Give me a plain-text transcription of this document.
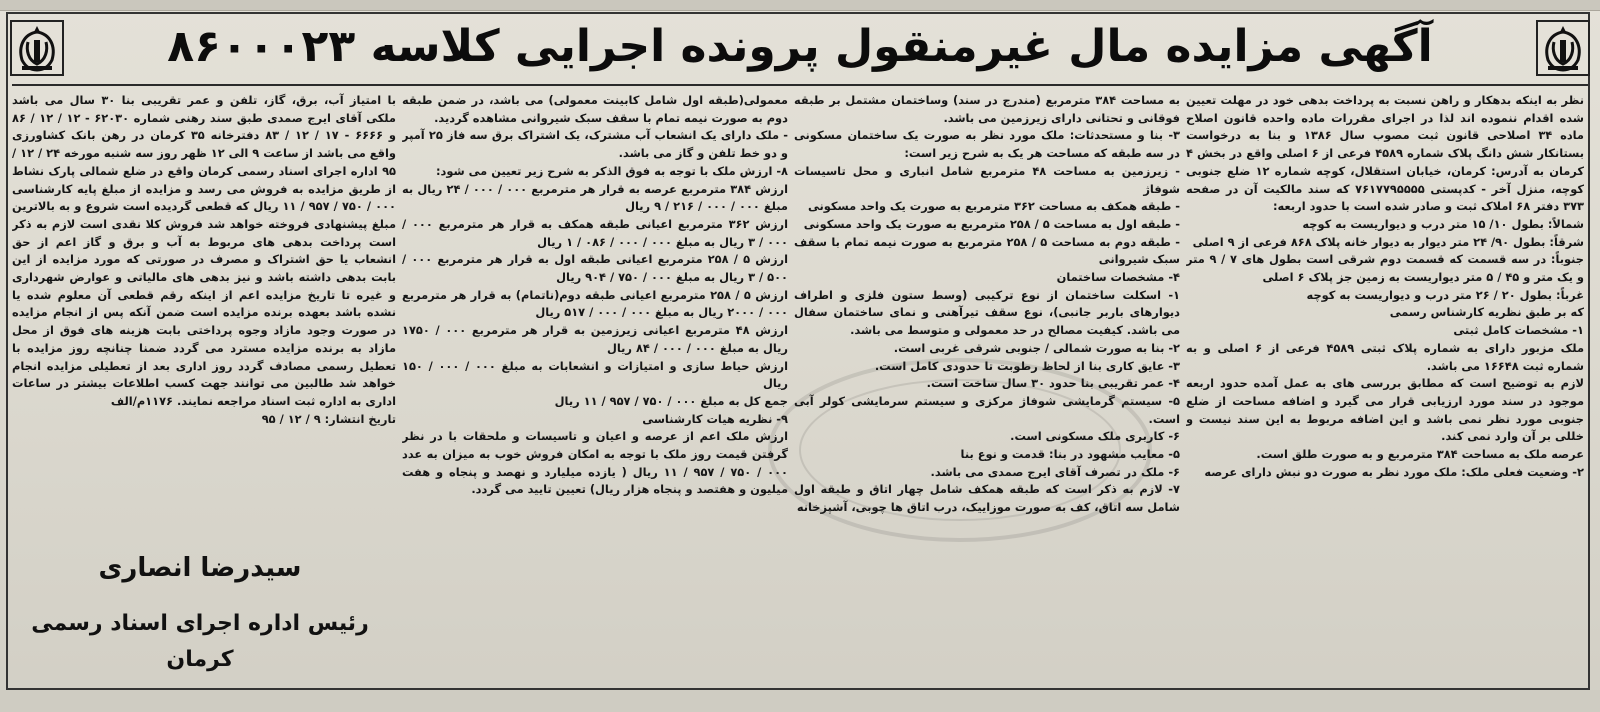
آگهی مزایده مال غیرمنقول پرونده اجرایی کلاسه ۸۶۰۰۰۲۳

نظر به اینکه بدهکار و راهن نسبت به پرداخت بدهی خود در مهلت تعیین شده اقدام ننموده اند لذا در اجرای مقررات ماده واحده قانون اصلاح ماده ۳۴ اصلاحی قانون ثبت مصوب سال ۱۳۸۶ و بنا به درخواست بستانکار شش دانگ پلاک شماره ۴۵۸۹ فرعی از ۶ اصلی واقع در بخش ۴ کرمان به آدرس: کرمان، خیابان استقلال، کوچه شماره ۱۲ ضلع جنوبی کوچه، منزل آخر - کدپستی ۷۶۱۷۷۹۵۵۵۵ که سند مالکیت آن در صفحه ۳۷۳ دفتر ۶۸ املاک ثبت و صادر شده است با حدود اربعه:

شمالاً: بطول ۱۰/ ۱۵ متر درب و دیواریست به کوچه

شرقاً: بطول ۹۰/ ۲۴ متر دیوار به دیوار خانه پلاک ۸۶۸ فرعی از ۹ اصلی

جنوباً: در سه قسمت که قسمت دوم شرقی است بطول های ۷ / ۹ متر و یک متر و ۴۵ / ۵ متر دیواریست به زمین جز پلاک ۶ اصلی

غرباً: بطول ۲۰ / ۲۶ متر درب و دیواریست به کوچه

که بر طبق نظریه کارشناس رسمی

۱- مشخصات کامل ثبتی

ملک مزبور دارای به شماره پلاک ثبتی ۴۵۸۹ فرعی از ۶ اصلی و به شماره ثبت ۱۶۶۴۸ می باشد.

لازم به توضیح است که مطابق بررسی های به عمل آمده حدود اربعه موجود در سند مورد ارزیابی قرار می گیرد و اضافه مساحت از ضلع جنوبی مورد نظر نمی باشد و این اضافه مربوط به این سند نیست و خللی بر آن وارد نمی کند.

عرصه ملک به مساحت ۳۸۴ مترمربع و به صورت طلق است.

۲- وضعیت فعلی ملک: ملک مورد نظر به صورت دو نبش دارای عرصه

به مساحت ۳۸۴ مترمربع (مندرج در سند) وساختمان مشتمل بر طبقه فوقانی و تحتانی دارای زیرزمین می باشد.

۳- بنا و مستحدثات: ملک مورد نظر به صورت یک ساختمان مسکونی در سه طبقه که مساحت هر یک به شرح زیر است:

- زیرزمین به مساحت ۴۸ مترمربع شامل انباری و محل تاسیسات شوفاژ

- طبقه همکف به مساحت ۳۶۲ مترمربع به صورت یک واحد مسکونی

- طبقه اول به مساحت ۵ / ۲۵۸ مترمربع به صورت یک واحد مسکونی

- طبقه دوم به مساحت ۵ / ۲۵۸ مترمربع به صورت نیمه تمام با سقف سبک شیروانی

۴- مشخصات ساختمان

۱- اسکلت ساختمان از نوع ترکیبی (وسط ستون فلزی و اطراف دیوارهای باربر جانبی)، نوع سقف تیرآهنی و نمای ساختمان سفال می باشد. کیفیت مصالح در حد معمولی و متوسط می باشد.

۲- بنا به صورت شمالی / جنوبی شرقی غربی است.

۳- عایق کاری بنا از لحاظ رطوبت تا حدودی کامل است.

۴- عمر تقریبی بنا حدود ۳۰ سال ساخت است.

۵- سیستم گرمایشی شوفاژ مرکزی و سیستم سرمایشی کولر آبی است.

۶- کاربری ملک مسکونی است.

۵- معایب مشهود در بنا: قدمت و نوع بنا

۶- ملک در تصرف آقای ایرج صمدی می باشد.

۷- لازم به ذکر است که طبقه همکف شامل چهار اتاق و طبقه اول شامل سه اتاق، کف به صورت موزاییک، درب اتاق ها چوبی، آشپزخانه

معمولی(طبقه اول شامل کابینت معمولی) می باشد، در ضمن طبقه دوم به صورت نیمه تمام با سقف سبک شیروانی مشاهده گردید.

- ملک دارای یک انشعاب آب مشترک، یک اشتراک برق سه فاز ۲۵ آمپر و دو خط تلفن و گاز می باشد.

۸- ارزش ملک با توجه به فوق الذکر به شرح زیر تعیین می شود:

ارزش ۳۸۴ مترمربع عرصه به قرار هر مترمربع ۰۰۰ / ۰۰۰ / ۲۴ ریال به مبلغ ۰۰۰ / ۰۰۰ / ۲۱۶ / ۹ ریال

ارزش ۳۶۲ مترمربع اعیانی طبقه همکف به قرار هر مترمربع ۰۰۰ / ۰۰۰ / ۳ ریال به مبلغ ۰۰۰ / ۰۰۰ / ۰۸۶ / ۱ ریال

ارزش ۵ / ۲۵۸ مترمربع اعیانی طبقه اول به قرار هر مترمربع ۰۰۰ / ۵۰۰ / ۳ ریال به مبلغ ۰۰۰ / ۷۵۰ / ۹۰۴ ریال

ارزش ۵ / ۲۵۸ مترمربع اعیانی طبقه دوم(ناتمام) به قرار هر مترمربع ۰۰۰ / ۲۰۰۰ ریال به مبلغ ۰۰۰ / ۰۰۰ / ۵۱۷ ریال

ارزش ۴۸ مترمربع اعیانی زیرزمین به قرار هر مترمربع ۰۰۰ / ۱۷۵۰ ریال به مبلغ ۰۰۰ / ۰۰۰ / ۸۴ ریال

ارزش حیاط سازی و امتیازات و انشعابات به مبلغ ۰۰۰ / ۰۰۰ / ۱۵۰ ریال

جمع کل به مبلغ ۰۰۰ / ۷۵۰ / ۹۵۷ / ۱۱ ریال

۹- نظریه هیات کارشناسی

ارزش ملک اعم از عرصه و اعیان و تاسیسات و ملحقات با در نظر گرفتن قیمت روز ملک با توجه به امکان فروش خوب به میزان به عدد ۰۰۰ / ۷۵۰ / ۹۵۷ / ۱۱ ریال ( یازده میلیارد و نهصد و پنجاه و هفت میلیون و هفتصد و پنجاه هزار ریال) تعیین تایید می گردد.

با امتیاز آب، برق، گاز، تلفن و عمر تقریبی بنا ۳۰ سال می باشد ملکی آقای ایرج صمدی طبق سند رهنی شماره ۶۲۰۳۰ - ۱۲ / ۱۲ / ۸۶ و ۶۶۶۶ - ۱۷ / ۱۲ / ۸۳ دفترخانه ۳۵ کرمان در رهن بانک کشاورزی واقع می باشد از ساعت ۹ الی ۱۲ ظهر روز سه شنبه مورخه ۲۴ / ۱۲ / ۹۵ اداره اجرای اسناد رسمی کرمان واقع در ضلع شمالی پارک نشاط از طریق مزایده به فروش می رسد و مزایده از مبلغ پایه کارشناسی ۰۰۰ / ۷۵۰ / ۹۵۷ / ۱۱ ریال که قطعی گردیده است شروع و به بالاترین مبلغ پیشنهادی فروخته خواهد شد فروش کلا نقدی است لازم به ذکر است پرداخت بدهی های مربوط به آب و برق و گاز اعم از حق انشعاب یا حق اشتراک و مصرف در صورتی که مورد مزایده از این بابت بدهی داشته باشد و نیز بدهی های مالیاتی و عوارض شهرداری و غیره تا تاریخ مزایده اعم از اینکه رقم قطعی آن معلوم شده یا نشده باشد بعهده برنده مزایده است ضمن آنکه پس از انجام مزایده در صورت وجود مازاد وجوه پرداختی بابت هزینه های فوق از محل مازاد به برنده مزایده مسترد می گردد ضمنا چنانچه روز مزایده با تعطیل رسمی مصادف گردد روز اداری بعد از تعطیلی مزایده انجام خواهد شد طالبین می توانند جهت کسب اطلاعات بیشتر در ساعات اداری به اداره ثبت اسناد مراجعه نمایند. ۱۱۷۶م/الف

تاریخ انتشار: ۹ / ۱۲ / ۹۵

سیدرضا انصاری
رئیس اداره اجرای اسناد رسمی کرمان
